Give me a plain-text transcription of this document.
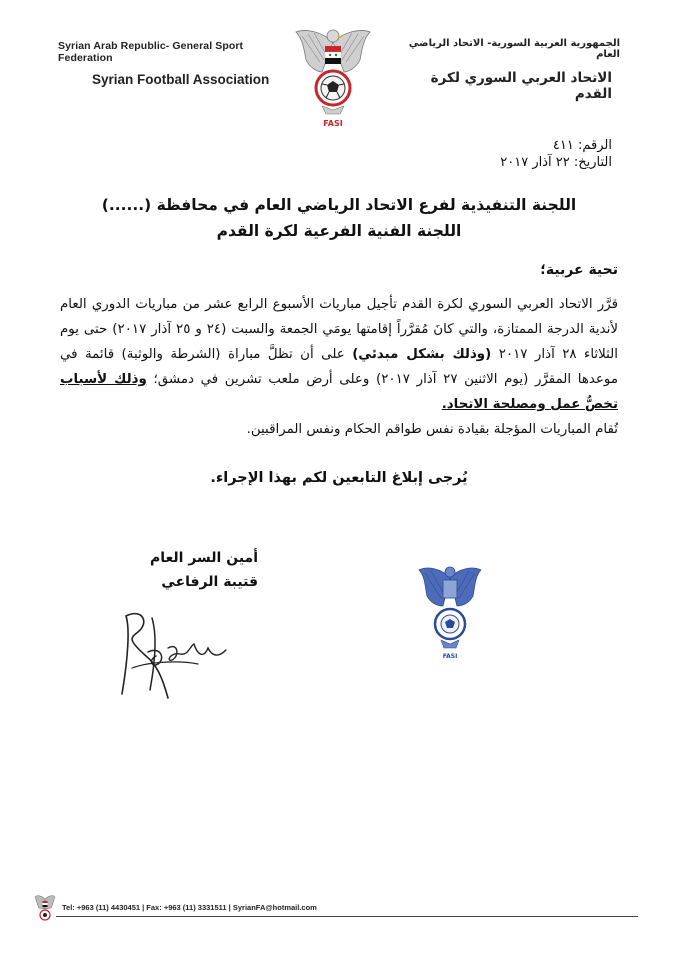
Syrian Arab Republic- General Sport Federation
Syrian Football Association
FASI
الجمهورية العربية السورية- الاتحاد الرياضي العام
الاتحاد العربي السوري لكرة القدم
الرقم: ٤١١
التاريخ: ٢٢ آذار ٢٠١٧
اللجنة التنفيذية لفرع الاتحاد الرياضي العام في محافظة (......)
اللجنة الفنية الفرعية لكرة القدم
تحية عربية؛

قرَّر الاتحاد العربي السوري لكرة القدم تأجيل مباريات الأسبوع الرابع عشر من مباريات الدوري العام لأندية الدرجة الممتازة، والتي كانَ مُقرَّراً إقامتها يومَي الجمعة والسبت (٢٤ و ٢٥ آذار ٢٠١٧) حتى يوم الثلاثاء ٢٨ آذار ٢٠١٧ (وذلك بشكل مبدئي) على أن تظلَّ مباراة (الشرطة والوثبة) قائمة في موعدها المقرَّر (يوم الاثنين ٢٧ آذار ٢٠١٧) وعلى أرض ملعب تشرين في دمشق؛ وذلك لأسباب تخصُّ عمل ومصلحة الاتحاد.

تُقام المباريات المؤجلة بقيادة نفس طواقم الحكام ونفس المراقبين.

يُرجى إبلاغ التابعين لكم بهذا الإجراء.
أمين السر العام
قتيبة الرفاعي
FASI
Tel: +963 (11) 4430451 | Fax: +963 (11) 3331511 | SyrianFA@hotmail.com
